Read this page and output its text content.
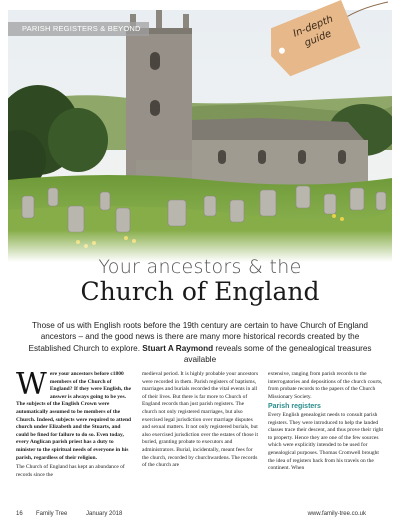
PARISH REGISTERS & BEYOND	In-depth guide
Your ancestors & the
Church of England
Those of us with English roots before the 19th century are certain to have Church of England ancestors – and the good news is there are many more historical records created by the Established Church to explore. Stuart A Raymond reveals some of the genealogical treasures available

Were your ancestors before c1800 members of the Church of England? If they were English, the answer is always going to be yes. The subjects of the English Crown were automatically assumed to be members of the Church. Indeed, subjects were required to attend church under Elizabeth and the Stuarts, and could be fined for failure to do so. Even today, every Anglican parish priest has a duty to minister to the spiritual needs of everyone in his parish, regardless of their religion.

The Church of England has kept an abundance of records since the

medieval period. It is highly probable your ancestors were recorded in them. Parish registers of baptisms, marriages and burials recorded the vital events in all of their lives. But there is far more to Church of England records than just parish registers. The church not only registered marriages, but also exercised legal jurisdiction over marriage disputes and sexual matters. It not only registered burials, but also exercised jurisdiction over the estates of those it buried, granting probate to executors and administrators. Burial, incidentally, meant fees for the church, recorded by churchwardens. The records of the church are

extensive, ranging from parish records to the interrogatories and depositions of the church courts, from probate records to the papers of the Church Missionary Society.

Parish registers

Every English genealogist needs to consult parish registers. They were introduced to help the landed classes trace their descent, and thus prove their right to property. Hence they are one of the few sources which were explicitly intended to be used for genealogical purposes. Thomas Cromwell brought the idea of registers back from his travels on the continent. When

16 Family Tree	January 2018	www.family-tree.co.uk
